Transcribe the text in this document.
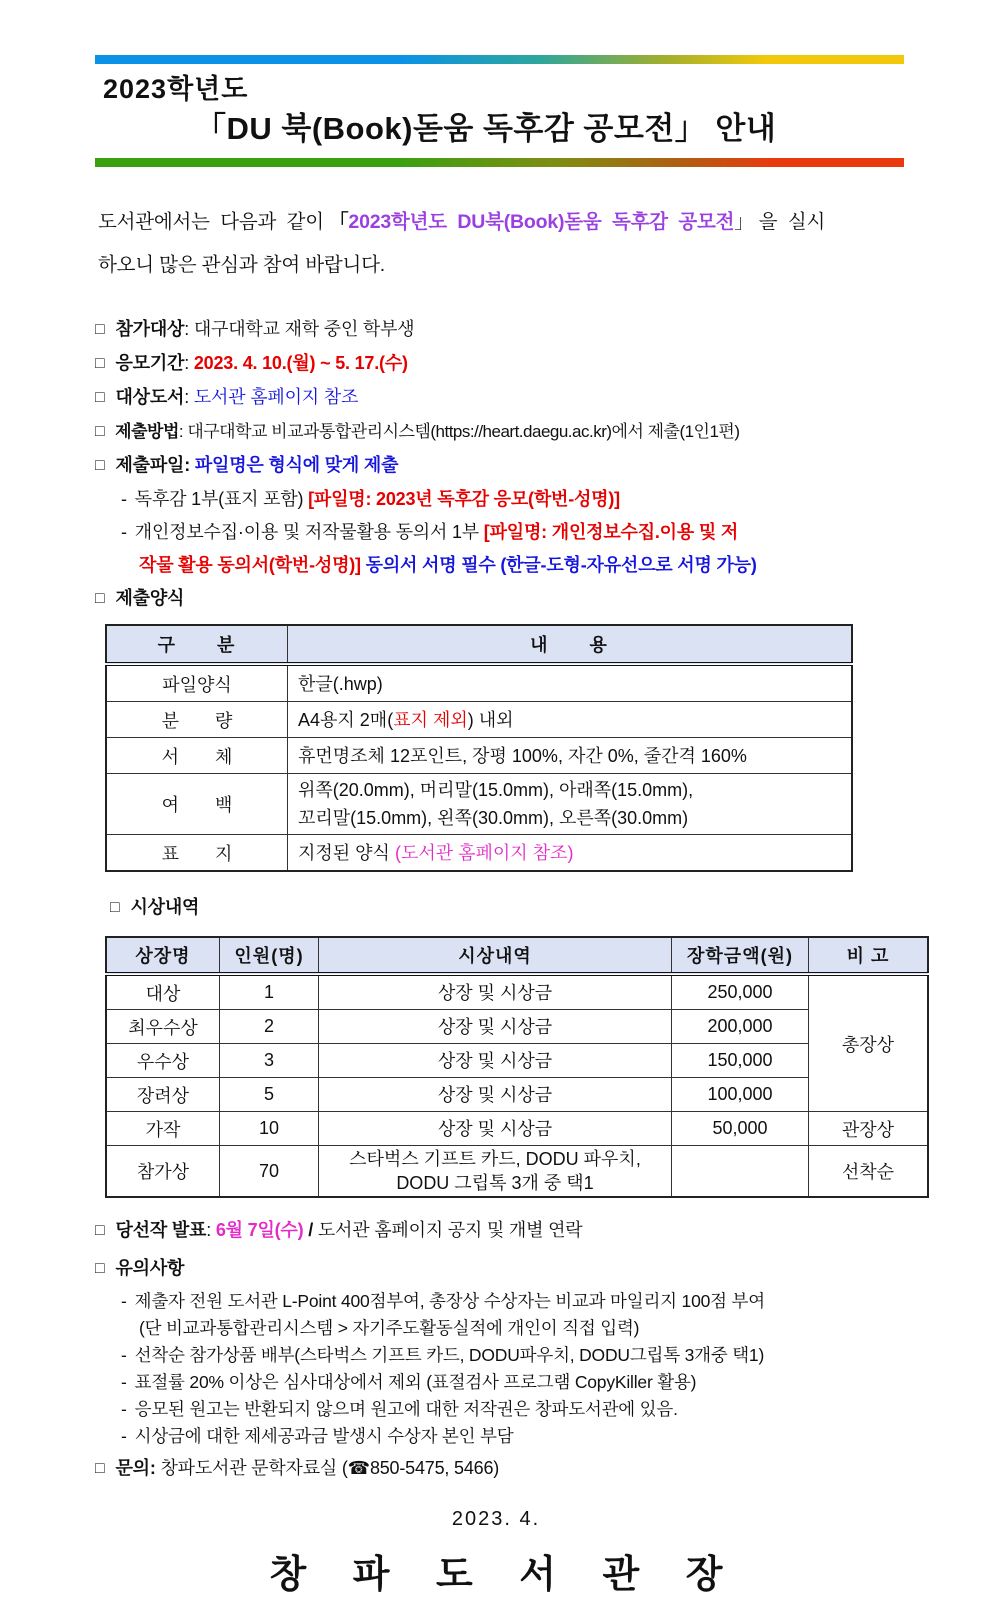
2023학년도
「DU 북(Book)돋움 독후감 공모전」 안내
도서관에서는  다음과  같이 「2023학년도  DU북(Book)돋움  독후감  공모전」 을  실시
하오니 많은 관심과 참여 바랍니다.
□ 참가대상: 대구대학교 재학 중인 학부생
□ 응모기간: 2023. 4. 10.(월) ~ 5. 17.(수)
□ 대상도서: 도서관 홈페이지 참조
□ 제출방법: 대구대학교 비교과통합관리시스템(https://heart.daegu.ac.kr)에서 제출(1인1편)
□ 제출파일: 파일명은 형식에 맞게 제출
- 독후감 1부(표지 포함) [파일명: 2023년 독후감 응모(학번-성명)]
- 개인정보수집·이용 및 저작물활용 동의서 1부 [파일명: 개인정보수집.이용 및 저
작물 활용 동의서(학번-성명)] 동의서 서명 필수 (한글-도형-자유선으로 서명 가능)
□ 제출양식
구　　분	내　　용
파일양식	한글(.hwp)

분　　량	A4용지 2매(표지 제외) 내외

서　　체	휴먼명조체 12포인트, 장평 100%, 자간 0%, 줄간격 160%

여　　백	위쪽(20.0mm), 머리말(15.0mm), 아래쪽(15.0mm),
꼬리말(15.0mm), 왼쪽(30.0mm), 오른쪽(30.0mm)

표　　지	지정된 양식 (도서관 홈페이지 참조)
□ 시상내역
상장명	인원(명)	시상내역	장학금액(원)	비 고
대상	1	상장 및 시상금	250,000	총장상
최우수상	2	상장 및 시상금	200,000	
우수상	3	상장 및 시상금	150,000	
장려상	5	상장 및 시상금	100,000	
가작	10	상장 및 시상금	50,000	관장상
참가상	70	스타벅스 기프트 카드, DODU 파우치,
DODU 그립톡 3개 중 택1		선착순
□ 당선작 발표: 6월 7일(수) / 도서관 홈페이지 공지 및 개별 연락
□ 유의사항
- 제출자 전원 도서관 L-Point 400점부여, 총장상 수상자는 비교과 마일리지 100점 부여
(단 비교과통합관리시스템 > 자기주도활동실적에 개인이 직접 입력)
- 선착순 참가상품 배부(스타벅스 기프트 카드, DODU파우치, DODU그립톡 3개중 택1)
- 표절률 20% 이상은 심사대상에서 제외 (표절검사 프로그램 CopyKiller 활용)
- 응모된 원고는 반환되지 않으며 원고에 대한 저작권은 창파도서관에 있음.
- 시상금에 대한 제세공과금 발생시 수상자 본인 부담
□ 문의: 창파도서관 문학자료실 (☎850-5475, 5466)
2023. 4.
창 파 도 서 관 장
